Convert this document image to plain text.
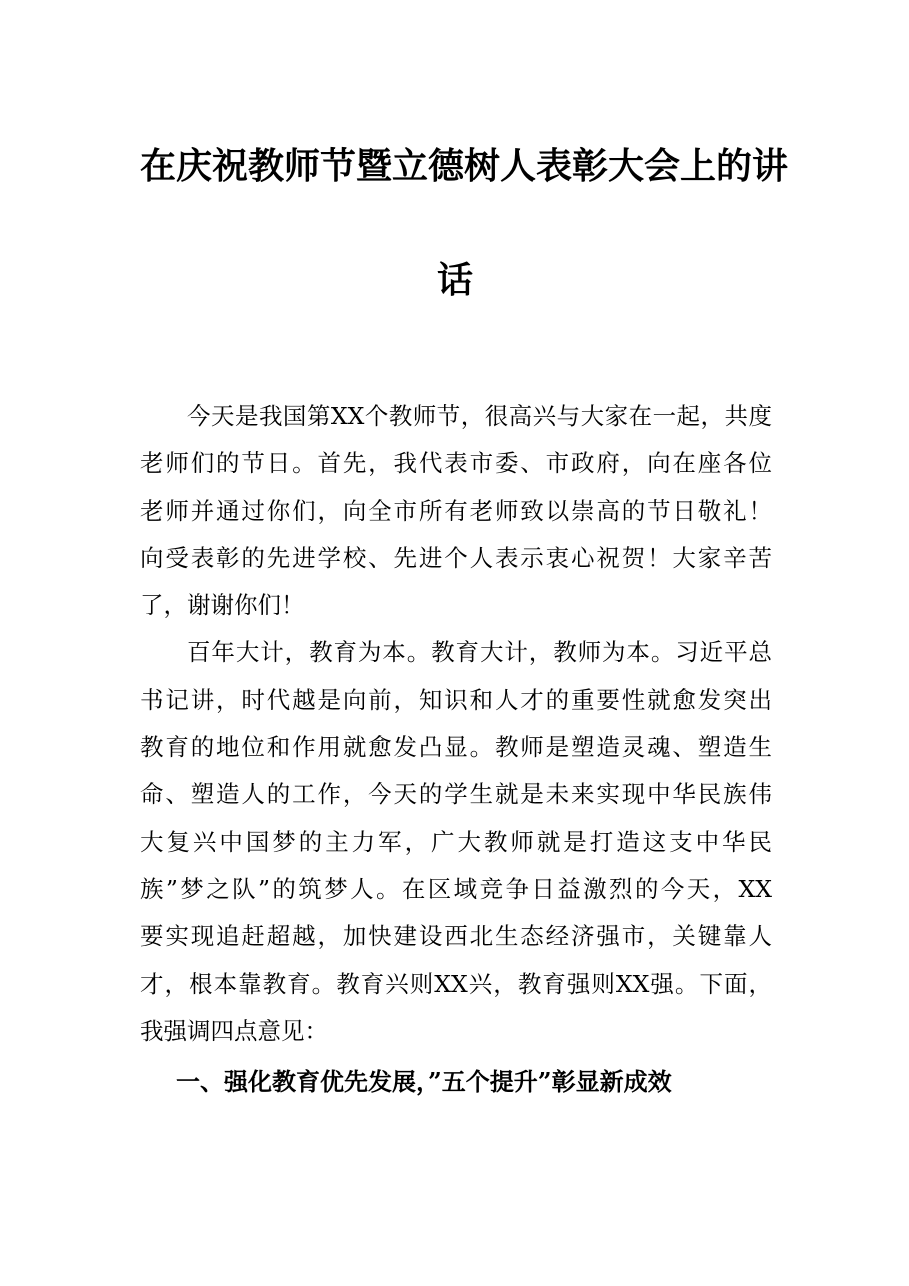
在庆祝教师节暨立德树人表彰大会上的讲
话
今天是我国第XX个教师节，很高兴与大家在一起，共度
老师们的节日。首先，我代表市委、市政府，向在座各位
老师并通过你们，向全市所有老师致以崇高的节日敬礼！
向受表彰的先进学校、先进个人表示衷心祝贺！大家辛苦
了，谢谢你们！
百年大计，教育为本。教育大计，教师为本。习近平总
书记讲，时代越是向前，知识和人才的重要性就愈发突出
教育的地位和作用就愈发凸显。教师是塑造灵魂、塑造生
命、塑造人的工作，今天的学生就是未来实现中华民族伟
大复兴中国梦的主力军，广大教师就是打造这支中华民
族”梦之队”的筑梦人。在区域竞争日益激烈的今天，XX
要实现追赶超越，加快建设西北生态经济强市，关键靠人
才，根本靠教育。教育兴则XX兴，教育强则XX强。下面，
我强调四点意见：
一、强化教育优先发展，”五个提升”彰显新成效
